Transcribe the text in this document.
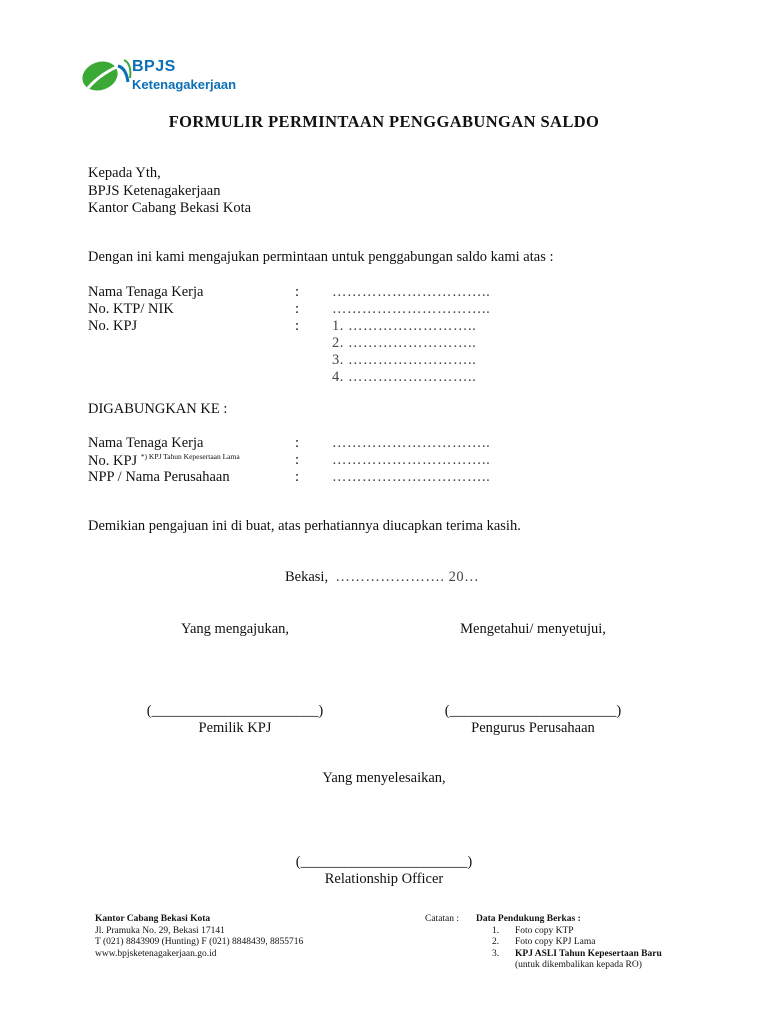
BPJS
Ketenagakerjaan
FORMULIR PERMINTAAN PENGGABUNGAN SALDO
Kepada Yth,
BPJS Ketenagakerjaan
Kantor Cabang Bekasi Kota
Dengan ini kami mengajukan permintaan untuk penggabungan saldo kami atas :
Nama Tenaga Kerja	: …………………………..
No. KTP/ NIK	: …………………………..
No. KPJ	: 1. ……………………..
2. ……………………..
3. ……………………..
4. ……………………..
DIGABUNGKAN KE :
Nama Tenaga Kerja	: …………………………..
No. KPJ $^{*) KPJ Tahun Kepesertaan Lama}$	: …………………………..
NPP / Nama Perusahaan	: …………………………..
Demikian pengajuan ini di buat, atas perhatiannya diucapkan terima kasih.
Bekasi, …………………. 20…
Yang mengajukan,	Mengetahui/ menyetujui,
(_______________________)	(_______________________)
Pemilik KPJ	Pengurus Perusahaan
Yang menyelesaikan,
(_______________________)
Relationship Officer
Kantor Cabang Bekasi Kota
Jl. Pramuka No. 29, Bekasi 17141
T (021) 8843909 (Hunting) F (021) 8848439, 8855716
www.bpjsketenagakerjaan.go.id
Catatan : Data Pendukung Berkas :
1. Foto copy KTP
2. Foto copy KPJ Lama
3. KPJ ASLI Tahun Kepesertaan Baru
(untuk dikembalikan kepada RO)
